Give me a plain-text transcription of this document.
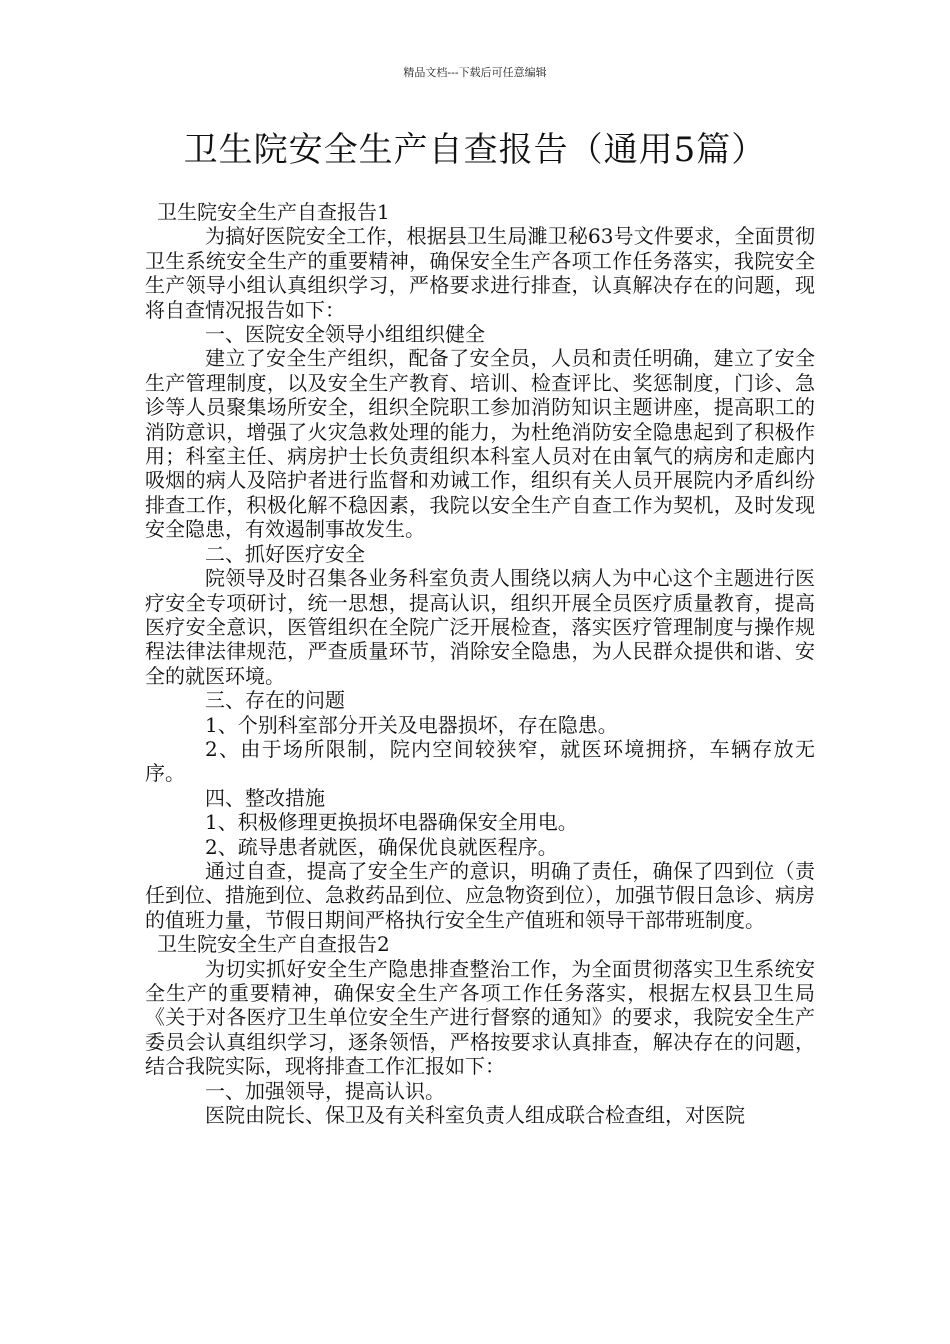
精品文档---下载后可任意编辑
卫生院安全生产自查报告（通用5篇）

卫生院安全生产自查报告1

为搞好医院安全工作，根据县卫生局濉卫秘63号文件要求，全面贯彻卫生系统安全生产的重要精神，确保安全生产各项工作任务落实，我院安全生产领导小组认真组织学习，严格要求进行排查，认真解决存在的问题，现将自查情况报告如下：

一、医院安全领导小组组织健全

建立了安全生产组织，配备了安全员，人员和责任明确，建立了安全生产管理制度，以及安全生产教育、培训、检查评比、奖惩制度，门诊、急诊等人员聚集场所安全，组织全院职工参加消防知识主题讲座，提高职工的消防意识，增强了火灾急救处理的能力，为杜绝消防安全隐患起到了积极作用；科室主任、病房护士长负责组织本科室人员对在由氧气的病房和走廊内吸烟的病人及陪护者进行监督和劝诫工作，组织有关人员开展院内矛盾纠纷排查工作，积极化解不稳因素，我院以安全生产自查工作为契机，及时发现安全隐患，有效遏制事故发生。

二、抓好医疗安全

院领导及时召集各业务科室负责人围绕以病人为中心这个主题进行医疗安全专项研讨，统一思想，提高认识，组织开展全员医疗质量教育，提高医疗安全意识，医管组织在全院广泛开展检查，落实医疗管理制度与操作规程法律法律规范，严查质量环节，消除安全隐患，为人民群众提供和谐、安全的就医环境。

三、存在的问题

1、个别科室部分开关及电器损坏，存在隐患。

2、由于场所限制，院内空间较狭窄，就医环境拥挤，车辆存放无序。

四、整改措施

1、积极修理更换损坏电器确保安全用电。

2、疏导患者就医，确保优良就医程序。

通过自查，提高了安全生产的意识，明确了责任，确保了四到位（责任到位、措施到位、急救药品到位、应急物资到位），加强节假日急诊、病房的值班力量，节假日期间严格执行安全生产值班和领导干部带班制度。

卫生院安全生产自查报告2

为切实抓好安全生产隐患排查整治工作，为全面贯彻落实卫生系统安全生产的重要精神，确保安全生产各项工作任务落实，根据左权县卫生局《关于对各医疗卫生单位安全生产进行督察的通知》的要求，我院安全生产委员会认真组织学习，逐条领悟，严格按要求认真排查，解决存在的问题，结合我院实际，现将排查工作汇报如下：

一、加强领导，提高认识。

医院由院长、保卫及有关科室负责人组成联合检查组，对医院
